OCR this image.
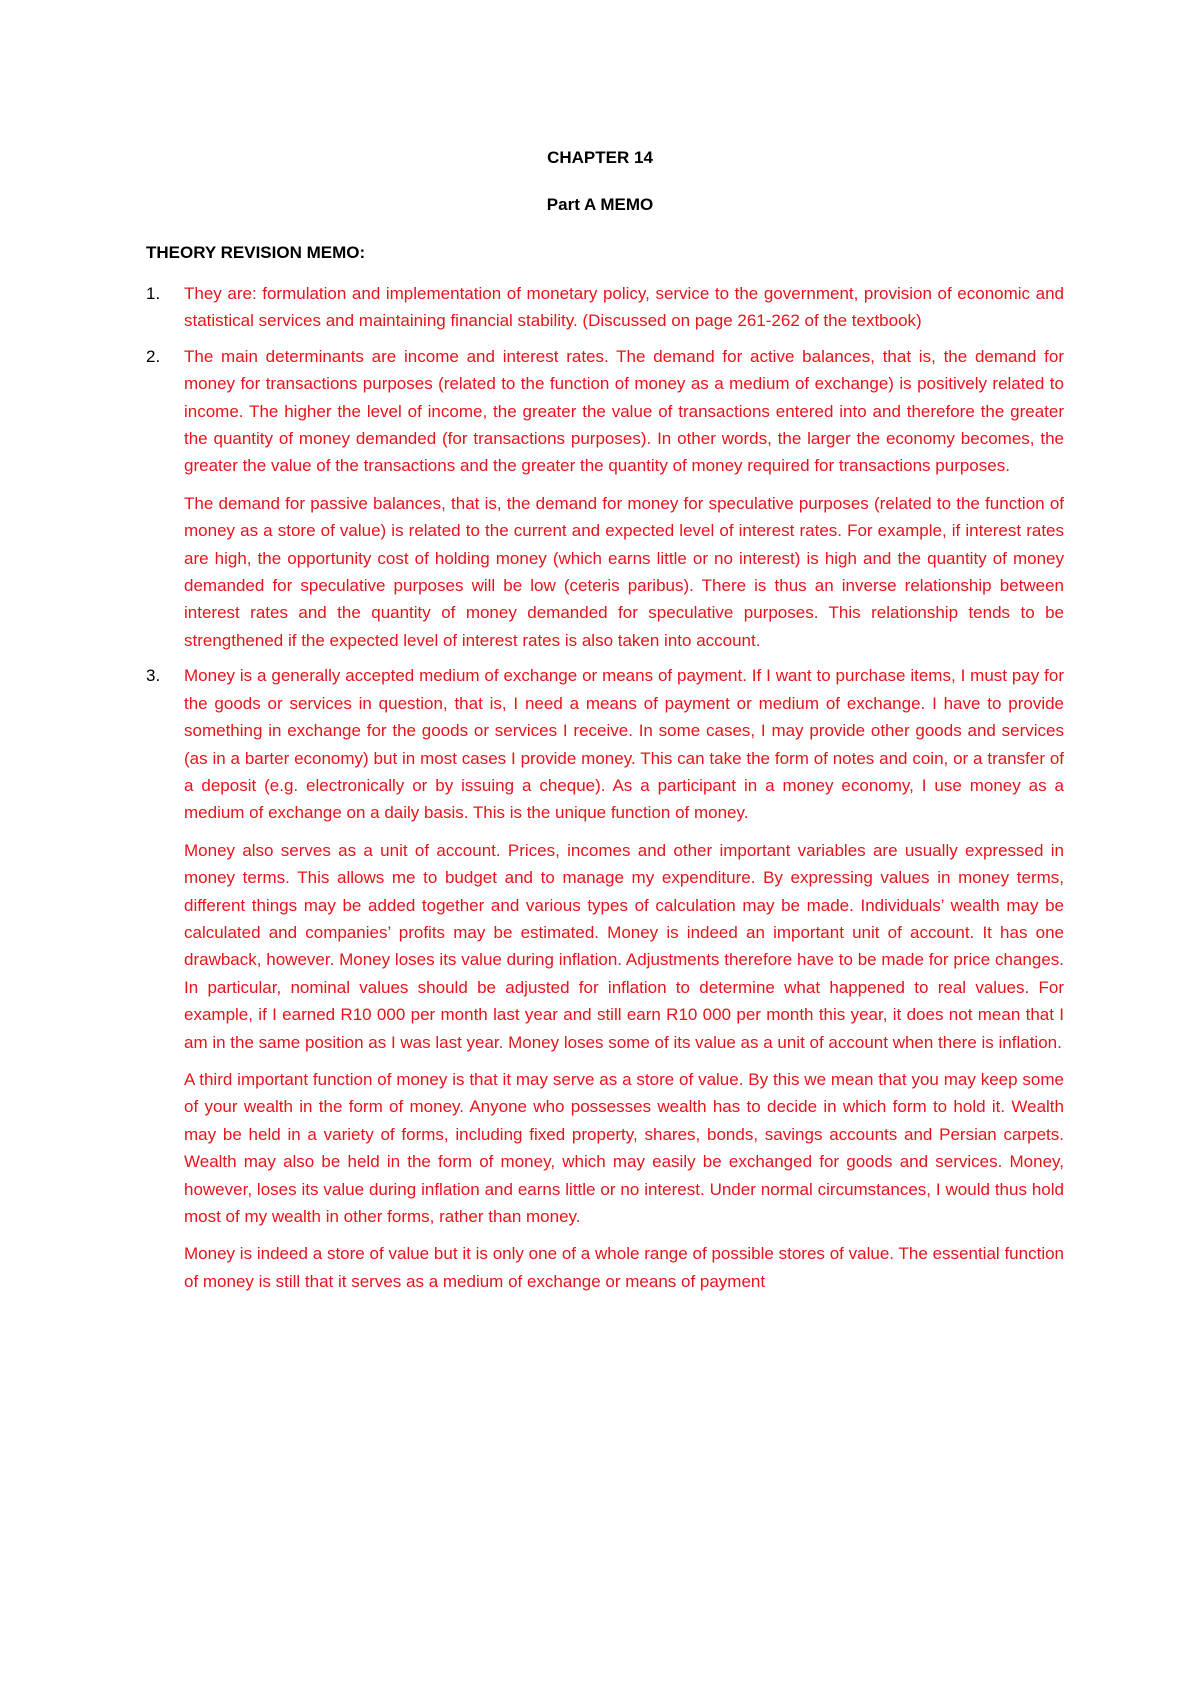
CHAPTER 14
Part A MEMO
THEORY REVISION MEMO:
1. They are: formulation and implementation of monetary policy, service to the government, provision of economic and statistical services and maintaining financial stability. (Discussed on page 261-262 of the textbook)

2. The main determinants are income and interest rates. The demand for active balances, that is, the demand for money for transactions purposes (related to the function of money as a medium of exchange) is positively related to income. The higher the level of income, the greater the value of transactions entered into and therefore the greater the quantity of money demanded (for transactions purposes). In other words, the larger the economy becomes, the greater the value of the transactions and the greater the quantity of money required for transactions purposes.

The demand for passive balances, that is, the demand for money for speculative purposes (related to the function of money as a store of value) is related to the current and expected level of interest rates. For example, if interest rates are high, the opportunity cost of holding money (which earns little or no interest) is high and the quantity of money demanded for speculative purposes will be low (ceteris paribus). There is thus an inverse relationship between interest rates and the quantity of money demanded for speculative purposes. This relationship tends to be strengthened if the expected level of interest rates is also taken into account.

3. Money is a generally accepted medium of exchange or means of payment. If I want to purchase items, I must pay for the goods or services in question, that is, I need a means of payment or medium of exchange. I have to provide something in exchange for the goods or services I receive. In some cases, I may provide other goods and services (as in a barter economy) but in most cases I provide money. This can take the form of notes and coin, or a transfer of a deposit (e.g. electronically or by issuing a cheque). As a participant in a money economy, I use money as a medium of exchange on a daily basis. This is the unique function of money.

Money also serves as a unit of account. Prices, incomes and other important variables are usually expressed in money terms. This allows me to budget and to manage my expenditure. By expressing values in money terms, different things may be added together and various types of calculation may be made. Individuals’ wealth may be calculated and companies’ profits may be estimated. Money is indeed an important unit of account. It has one drawback, however. Money loses its value during inflation. Adjustments therefore have to be made for price changes. In particular, nominal values should be adjusted for inflation to determine what happened to real values. For example, if I earned R10 000 per month last year and still earn R10 000 per month this year, it does not mean that I am in the same position as I was last year. Money loses some of its value as a unit of account when there is inflation.

A third important function of money is that it may serve as a store of value. By this we mean that you may keep some of your wealth in the form of money. Anyone who possesses wealth has to decide in which form to hold it. Wealth may be held in a variety of forms, including fixed property, shares, bonds, savings accounts and Persian carpets. Wealth may also be held in the form of money, which may easily be exchanged for goods and services. Money, however, loses its value during inflation and earns little or no interest. Under normal circumstances, I would thus hold most of my wealth in other forms, rather than money.

Money is indeed a store of value but it is only one of a whole range of possible stores of value. The essential function of money is still that it serves as a medium of exchange or means of payment
